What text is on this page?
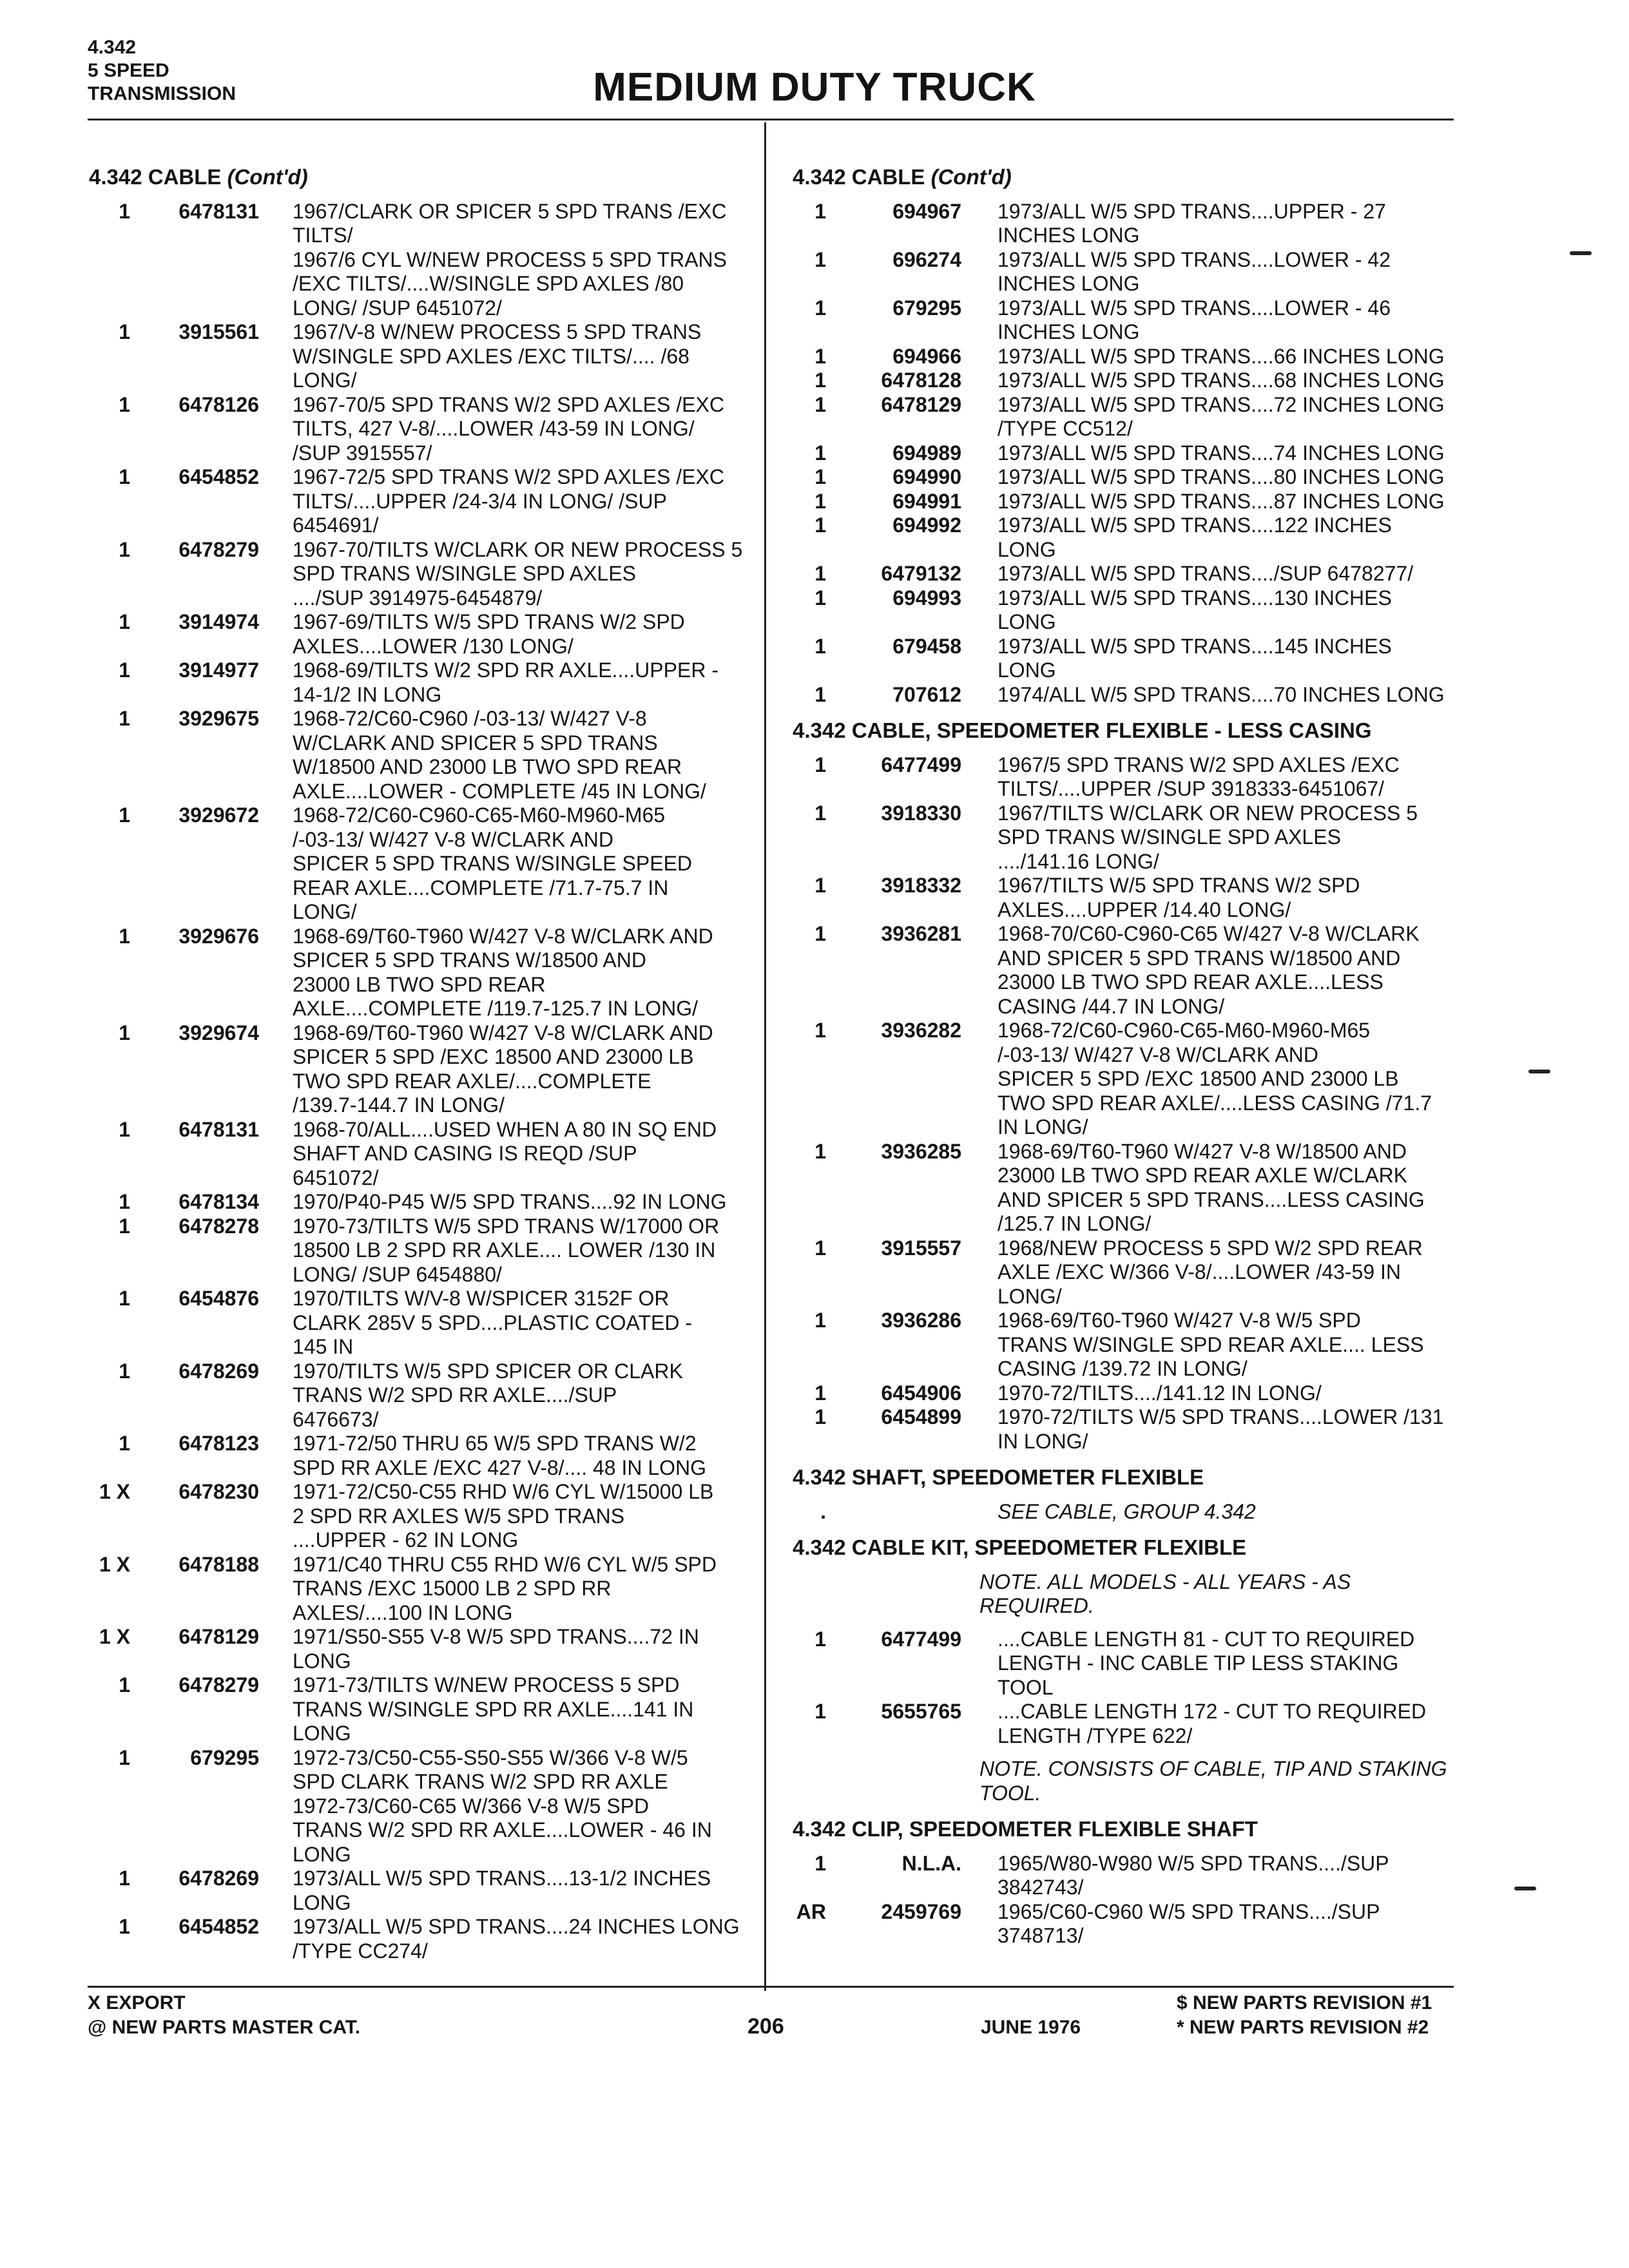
4.342
5 SPEED
TRANSMISSION	MEDIUM DUTY TRUCK
4.342 CABLE (Cont'd)
1	6478131 1967/CLARK OR SPICER 5 SPD TRANS /EXC
TILTS/
1967/6 CYL W/NEW PROCESS 5 SPD TRANS
/EXC TILTS/....W/SINGLE SPD AXLES /80
LONG/ /SUP 6451072/
1	3915561 1967/V-8 W/NEW PROCESS 5 SPD TRANS
W/SINGLE SPD AXLES /EXC TILTS/.... /68
LONG/
1	6478126 1967-70/5 SPD TRANS W/2 SPD AXLES /EXC
TILTS, 427 V-8/....LOWER /43-59 IN LONG/
/SUP 3915557/
1	6454852 1967-72/5 SPD TRANS W/2 SPD AXLES /EXC
TILTS/....UPPER /24-3/4 IN LONG/ /SUP
6454691/
1	6478279 1967-70/TILTS W/CLARK OR NEW PROCESS 5
SPD TRANS W/SINGLE SPD AXLES
..../SUP 3914975-6454879/
1	3914974 1967-69/TILTS W/5 SPD TRANS W/2 SPD
AXLES....LOWER /130 LONG/
1	3914977 1968-69/TILTS W/2 SPD RR AXLE....UPPER -
14-1/2 IN LONG
1	3929675 1968-72/C60-C960 /-03-13/ W/427 V-8
W/CLARK AND SPICER 5 SPD TRANS
W/18500 AND 23000 LB TWO SPD REAR
AXLE....LOWER - COMPLETE /45 IN LONG/
1	3929672 1968-72/C60-C960-C65-M60-M960-M65
/-03-13/ W/427 V-8 W/CLARK AND
SPICER 5 SPD TRANS W/SINGLE SPEED
REAR AXLE....COMPLETE /71.7-75.7 IN
LONG/
1	3929676 1968-69/T60-T960 W/427 V-8 W/CLARK AND
SPICER 5 SPD TRANS W/18500 AND
23000 LB TWO SPD REAR
AXLE....COMPLETE /119.7-125.7 IN LONG/
1	3929674 1968-69/T60-T960 W/427 V-8 W/CLARK AND
SPICER 5 SPD /EXC 18500 AND 23000 LB
TWO SPD REAR AXLE/....COMPLETE
/139.7-144.7 IN LONG/
1	6478131 1968-70/ALL....USED WHEN A 80 IN SQ END
SHAFT AND CASING IS REQD /SUP
6451072/
1	6478134 1970/P40-P45 W/5 SPD TRANS....92 IN LONG
1	6478278 1970-73/TILTS W/5 SPD TRANS W/17000 OR
18500 LB 2 SPD RR AXLE.... LOWER /130 IN
LONG/ /SUP 6454880/
1	6454876 1970/TILTS W/V-8 W/SPICER 3152F OR
CLARK 285V 5 SPD....PLASTIC COATED -
145 IN
1	6478269 1970/TILTS W/5 SPD SPICER OR CLARK
TRANS W/2 SPD RR AXLE..../SUP
6476673/
1	6478123 1971-72/50 THRU 65 W/5 SPD TRANS W/2
SPD RR AXLE /EXC 427 V-8/.... 48 IN LONG
1 X	6478230 1971-72/C50-C55 RHD W/6 CYL W/15000 LB
2 SPD RR AXLES W/5 SPD TRANS
....UPPER - 62 IN LONG
1 X	6478188 1971/C40 THRU C55 RHD W/6 CYL W/5 SPD
TRANS /EXC 15000 LB 2 SPD RR
AXLES/....100 IN LONG
1 X	6478129 1971/S50-S55 V-8 W/5 SPD TRANS....72 IN
LONG
1	6478279 1971-73/TILTS W/NEW PROCESS 5 SPD
TRANS W/SINGLE SPD RR AXLE....141 IN
LONG
1	679295 1972-73/C50-C55-S50-S55 W/366 V-8 W/5
SPD CLARK TRANS W/2 SPD RR AXLE
1972-73/C60-C65 W/366 V-8 W/5 SPD
TRANS W/2 SPD RR AXLE....LOWER - 46 IN
LONG
1	6478269 1973/ALL W/5 SPD TRANS....13-1/2 INCHES
LONG
1	6454852 1973/ALL W/5 SPD TRANS....24 INCHES LONG
/TYPE CC274/
4.342 CABLE (Cont'd)
1	694967 1973/ALL W/5 SPD TRANS....UPPER - 27
INCHES LONG
1	696274 1973/ALL W/5 SPD TRANS....LOWER - 42
INCHES LONG
1	679295 1973/ALL W/5 SPD TRANS....LOWER - 46
INCHES LONG
1	694966 1973/ALL W/5 SPD TRANS....66 INCHES LONG
1	6478128 1973/ALL W/5 SPD TRANS....68 INCHES LONG
1	6478129 1973/ALL W/5 SPD TRANS....72 INCHES LONG
/TYPE CC512/
1	694989 1973/ALL W/5 SPD TRANS....74 INCHES LONG
1	694990 1973/ALL W/5 SPD TRANS....80 INCHES LONG
1	694991 1973/ALL W/5 SPD TRANS....87 INCHES LONG
1	694992 1973/ALL W/5 SPD TRANS....122 INCHES
LONG
1	6479132 1973/ALL W/5 SPD TRANS..../SUP 6478277/
1	694993 1973/ALL W/5 SPD TRANS....130 INCHES
LONG
1	679458 1973/ALL W/5 SPD TRANS....145 INCHES
LONG
1	707612 1974/ALL W/5 SPD TRANS....70 INCHES LONG
4.342 CABLE, SPEEDOMETER FLEXIBLE - LESS CASING
1	6477499 1967/5 SPD TRANS W/2 SPD AXLES /EXC
TILTS/....UPPER /SUP 3918333-6451067/
1	3918330 1967/TILTS W/CLARK OR NEW PROCESS 5
SPD TRANS W/SINGLE SPD AXLES
..../141.16 LONG/
1	3918332 1967/TILTS W/5 SPD TRANS W/2 SPD
AXLES....UPPER /14.40 LONG/
1	3936281 1968-70/C60-C960-C65 W/427 V-8 W/CLARK
AND SPICER 5 SPD TRANS W/18500 AND
23000 LB TWO SPD REAR AXLE....LESS
CASING /44.7 IN LONG/
1	3936282 1968-72/C60-C960-C65-M60-M960-M65
/-03-13/ W/427 V-8 W/CLARK AND
SPICER 5 SPD /EXC 18500 AND 23000 LB
TWO SPD REAR AXLE/....LESS CASING /71.7
IN LONG/
1	3936285 1968-69/T60-T960 W/427 V-8 W/18500 AND
23000 LB TWO SPD REAR AXLE W/CLARK
AND SPICER 5 SPD TRANS....LESS CASING
/125.7 IN LONG/
1	3915557 1968/NEW PROCESS 5 SPD W/2 SPD REAR
AXLE /EXC W/366 V-8/....LOWER /43-59 IN
LONG/
1	3936286 1968-69/T60-T960 W/427 V-8 W/5 SPD
TRANS W/SINGLE SPD REAR AXLE.... LESS
CASING /139.72 IN LONG/
1	6454906 1970-72/TILTS..../141.12 IN LONG/
1	6454899 1970-72/TILTS W/5 SPD TRANS....LOWER /131
IN LONG/
4.342 SHAFT, SPEEDOMETER FLEXIBLE
.	SEE CABLE, GROUP 4.342
4.342 CABLE KIT, SPEEDOMETER FLEXIBLE
NOTE. ALL MODELS - ALL YEARS - AS
REQUIRED.
1	6477499 ....CABLE LENGTH 81 - CUT TO REQUIRED
LENGTH - INC CABLE TIP LESS STAKING
TOOL
1	5655765 ....CABLE LENGTH 172 - CUT TO REQUIRED
LENGTH /TYPE 622/
NOTE. CONSISTS OF CABLE, TIP AND STAKING
TOOL.
4.342 CLIP, SPEEDOMETER FLEXIBLE SHAFT
1	N.L.A. 1965/W80-W980 W/5 SPD TRANS..../SUP
3842743/
AR	2459769 1965/C60-C960 W/5 SPD TRANS..../SUP
3748713/
X EXPORT
@ NEW PARTS MASTER CAT.	206	JUNE 1976
$ NEW PARTS REVISION #1
* NEW PARTS REVISION #2
